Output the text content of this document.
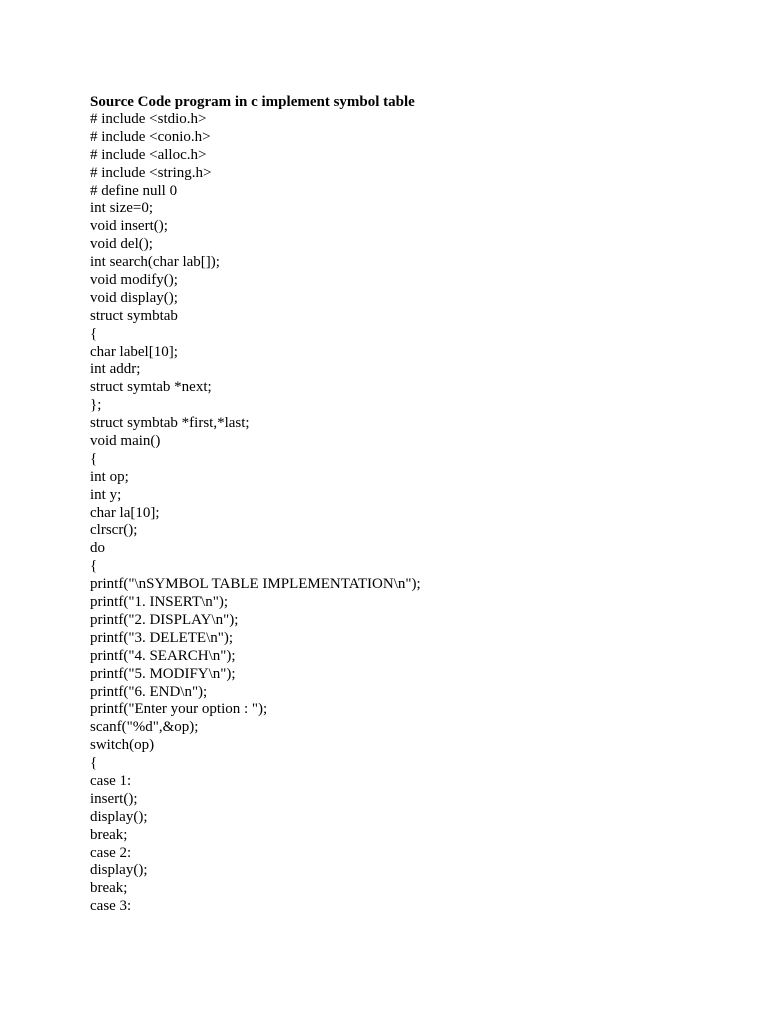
Source Code program in c implement symbol table
# include <stdio.h>
# include <conio.h>
# include <alloc.h>
# include <string.h>
# define null 0
int size=0;
void insert();
void del();
int search(char lab[]);
void modify();
void display();
struct symbtab
{
char label[10];
int addr;
struct symtab *next;
};
struct symbtab *first,*last;
void main()
{
int op;
int y;
char la[10];
clrscr();
do
{
printf("\nSYMBOL TABLE IMPLEMENTATION\n");
printf("1. INSERT\n");
printf("2. DISPLAY\n");
printf("3. DELETE\n");
printf("4. SEARCH\n");
printf("5. MODIFY\n");
printf("6. END\n");
printf("Enter your option : ");
scanf("%d",&op);
switch(op)
{
case 1:
insert();
display();
break;
case 2:
display();
break;
case 3:
